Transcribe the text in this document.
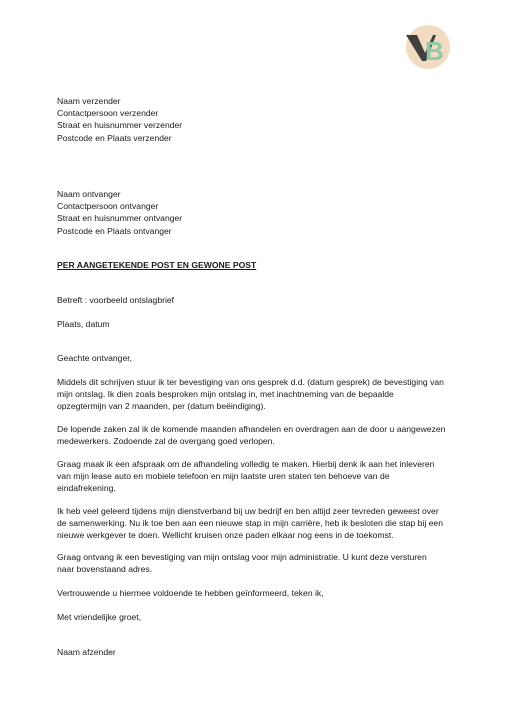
B
Naam verzender
Contactpersoon verzender
Straat en huisnummer verzender
Postcode en Plaats verzender
Naam ontvanger
Contactpersoon ontvanger
Straat en huisnummer ontvanger
Postcode en Plaats ontvanger
PER AANGETEKENDE POST EN GEWONE POST
Betreft : voorbeeld ontslagbrief
Plaats, datum
Geachte ontvanger,
Middels dit schrijven stuur ik ter bevestiging van ons gesprek d.d. (datum gesprek) de bevestiging van
mijn ontslag. Ik dien zoals besproken mijn ontslag in, met inachtneming van de bepaalde
opzegtermijn van 2 maanden, per (datum beëindiging).
De lopende zaken zal ik de komende maanden afhandelen en overdragen aan de door u aangewezen
medewerkers. Zodoende zal de overgang goed verlopen.
Graag maak ik een afspraak om de afhandeling volledig te maken. Hierbij denk ik aan het inleveren
van mijn lease auto en mobiele telefoon en mijn laatste uren staten ten behoeve van de
eindafrekening.
Ik heb veel geleerd tijdens mijn dienstverband bij uw bedrijf en ben altijd zeer tevreden geweest over
de samenwerking. Nu ik toe ben aan een nieuwe stap in mijn carrière, heb ik besloten die stap bij een
nieuwe werkgever te doen. Wellicht kruisen onze paden elkaar nog eens in de toekomst.
Graag ontvang ik een bevestiging van mijn ontslag voor mijn administratie. U kunt deze versturen
naar bovenstaand adres.
Vertrouwende u hiermee voldoende te hebben geïnformeerd, teken ik,
Met vriendelijke groet,
Naam afzender
